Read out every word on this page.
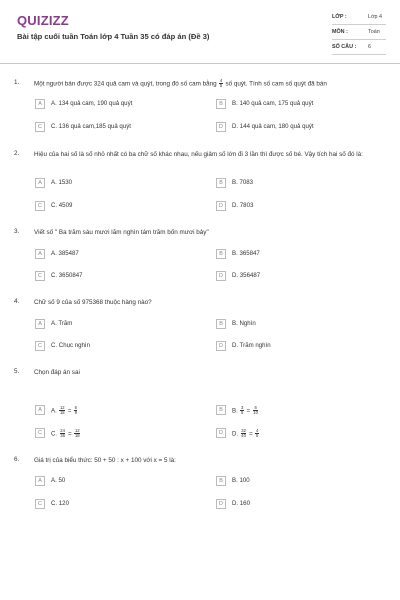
QUIZIZZ
Bài tập cuối tuần Toán lớp 4 Tuần 35 có đáp án (Đề 3)
LỚP :	Lớp 4
MÔN :	Toán
SỐ CÂU : 6
1. Một người bán được 324 quả cam và quýt, trong đó số cam bằng $\frac{4}{5}$ số quýt. Tính số cam số quýt đã bán
A	A. 134 quả cam, 190 quả quýt	B	B. 140 quả cam, 175 quả quýt
C	C. 136 quả cam,185 quả quýt	D	D. 144 quả cam, 180 quả quýt
2. Hiệu của hai số là số nhỏ nhất có ba chữ số khác nhau, nếu giảm số lớn đi 3 lần thì được số bé. Vậy tích hai số đó là:
A	A. 1530	B	B. 7083
C	C. 4509	D	D. 7803
3. Viết số " Ba trăm sáu mươi lăm nghìn tám trăm bốn mươi bảy"
A	A. 385487	B	B. 365847
C	C. 3650847	D	D. 356487
4. Chữ số 9 của số 975368 thuộc hàng nào?
A	A. Trăm	B	B. Nghìn
C	C. Chục nghìn	D	D. Trăm nghìn
5. Chọn đáp án sai
A	A. $\frac{12}{18} = \frac{6}{9}$	B	B. $\frac{3}{5} = \frac{6}{10}$
C	C. $\frac{24}{36} = \frac{12}{18}$	D	D. $\frac{32}{40} = \frac{4}{5}$
6. Giá trị của biểu thức: 50 + 50 : x + 100 với x = 5 là:
A	A. 50	B	B. 100
C	C. 120	D	D. 160
